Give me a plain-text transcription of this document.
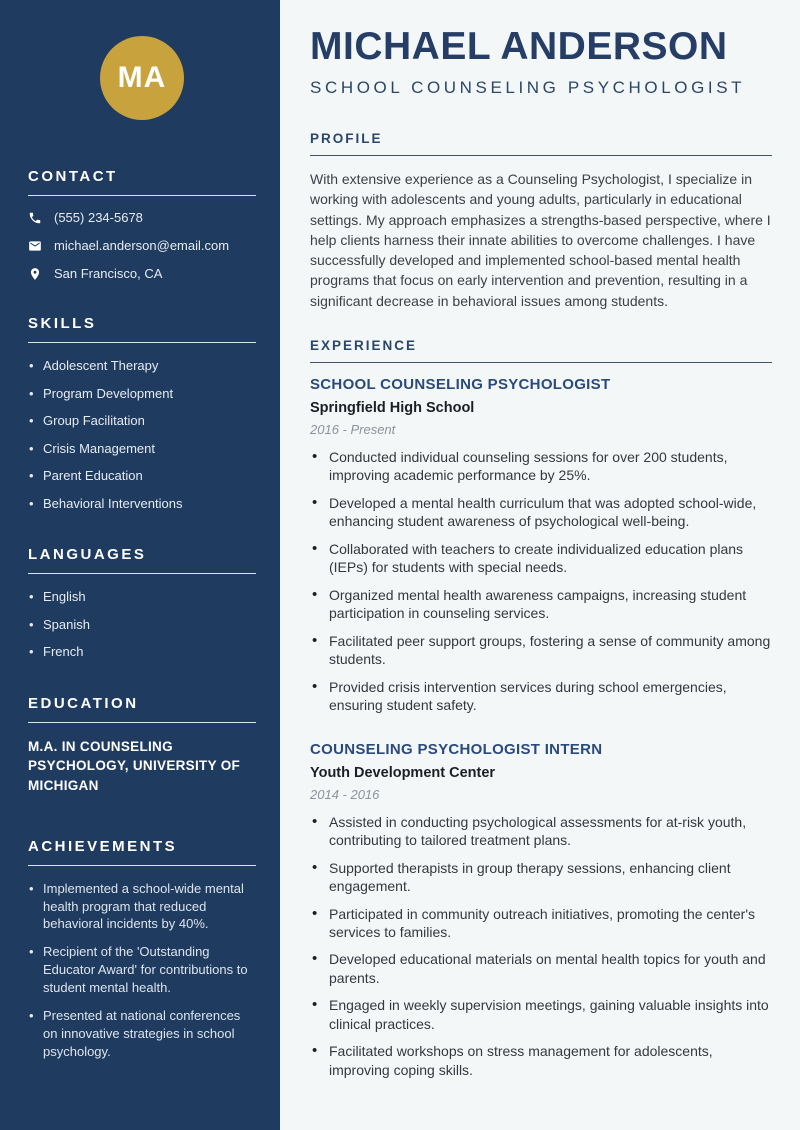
MA
CONTACT
(555) 234-5678
michael.anderson@email.com
San Francisco, CA
SKILLS
• Adolescent Therapy
• Program Development
• Group Facilitation
• Crisis Management
• Parent Education
• Behavioral Interventions
LANGUAGES
• English
• Spanish
• French
EDUCATION
M.A. IN COUNSELING PSYCHOLOGY, UNIVERSITY OF MICHIGAN
ACHIEVEMENTS
• Implemented a school-wide mental health program that reduced behavioral incidents by 40%.
• Recipient of the 'Outstanding Educator Award' for contributions to student mental health.
• Presented at national conferences on innovative strategies in school psychology.
MICHAEL ANDERSON
SCHOOL COUNSELING PSYCHOLOGIST
PROFILE

With extensive experience as a Counseling Psychologist, I specialize in working with adolescents and young adults, particularly in educational settings. My approach emphasizes a strengths-based perspective, where I help clients harness their innate abilities to overcome challenges. I have successfully developed and implemented school-based mental health programs that focus on early intervention and prevention, resulting in a significant decrease in behavioral issues among students.

EXPERIENCE
SCHOOL COUNSELING PSYCHOLOGIST
Springfield High School
2016 - Present
• Conducted individual counseling sessions for over 200 students, improving academic performance by 25%.
• Developed a mental health curriculum that was adopted school-wide, enhancing student awareness of psychological well-being.
• Collaborated with teachers to create individualized education plans (IEPs) for students with special needs.
• Organized mental health awareness campaigns, increasing student participation in counseling services.
• Facilitated peer support groups, fostering a sense of community among students.
• Provided crisis intervention services during school emergencies, ensuring student safety.
COUNSELING PSYCHOLOGIST INTERN
Youth Development Center
2014 - 2016
• Assisted in conducting psychological assessments for at-risk youth, contributing to tailored treatment plans.
• Supported therapists in group therapy sessions, enhancing client engagement.
• Participated in community outreach initiatives, promoting the center's services to families.
• Developed educational materials on mental health topics for youth and parents.
• Engaged in weekly supervision meetings, gaining valuable insights into clinical practices.
• Facilitated workshops on stress management for adolescents, improving coping skills.
